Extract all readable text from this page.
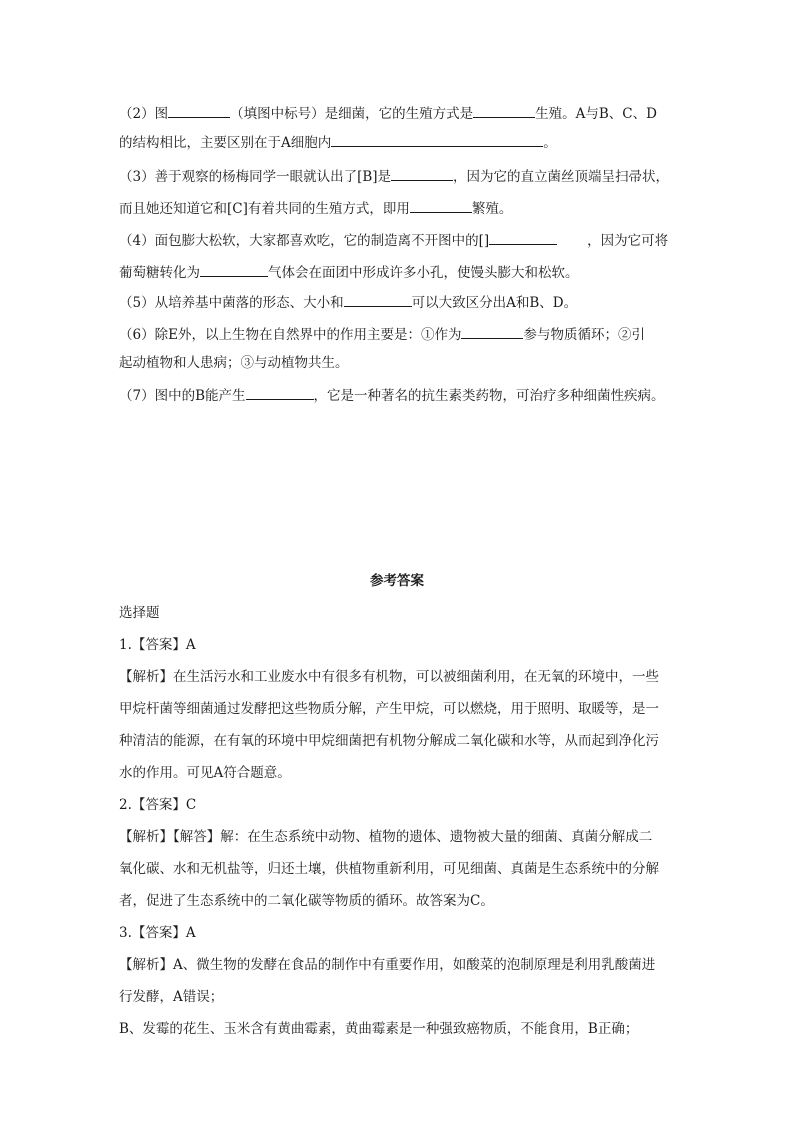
（2）图	（填图中标号）是细菌，它的生殖方式是	生殖。A与B、C、D
的结构相比，主要区别在于A细胞内	。
（3）善于观察的杨梅同学一眼就认出了[B]是	，因为它的直立菌丝顶端呈扫帚状，
而且她还知道它和[C]有着共同的生殖方式，即用	繁殖。
（4）面包膨大松软，大家都喜欢吃，它的制造离不开图中的[]	，因为它可将
葡萄糖转化为	气体会在面团中形成许多小孔，使馒头膨大和松软。
（5）从培养基中菌落的形态、大小和	可以大致区分出A和B、D。
（6）除E外，以上生物在自然界中的作用主要是：①作为	参与物质循环；②引
起动植物和人患病；③与动植物共生。
（7）图中的B能产生	，它是一种著名的抗生素类药物，可治疗多种细菌性疾病。
参考答案
选择题
1.【答案】A
【解析】在生活污水和工业废水中有很多有机物，可以被细菌利用，在无氧的环境中，一些
甲烷杆菌等细菌通过发酵把这些物质分解，产生甲烷，可以燃烧，用于照明、取暖等，是一
种清洁的能源，在有氧的环境中甲烷细菌把有机物分解成二氧化碳和水等，从而起到净化污
水的作用。可见A符合题意。
2.【答案】C
【解析】【解答】解：在生态系统中动物、植物的遗体、遗物被大量的细菌、真菌分解成二
氧化碳、水和无机盐等，归还土壤，供植物重新利用，可见细菌、真菌是生态系统中的分解
者，促进了生态系统中的二氧化碳等物质的循环。故答案为C。
3.【答案】A
【解析】A、微生物的发酵在食品的制作中有重要作用，如酸菜的泡制原理是利用乳酸菌进
行发酵，A错误；
B、发霉的花生、玉米含有黄曲霉素，黄曲霉素是一种强致癌物质，不能食用，B正确；
